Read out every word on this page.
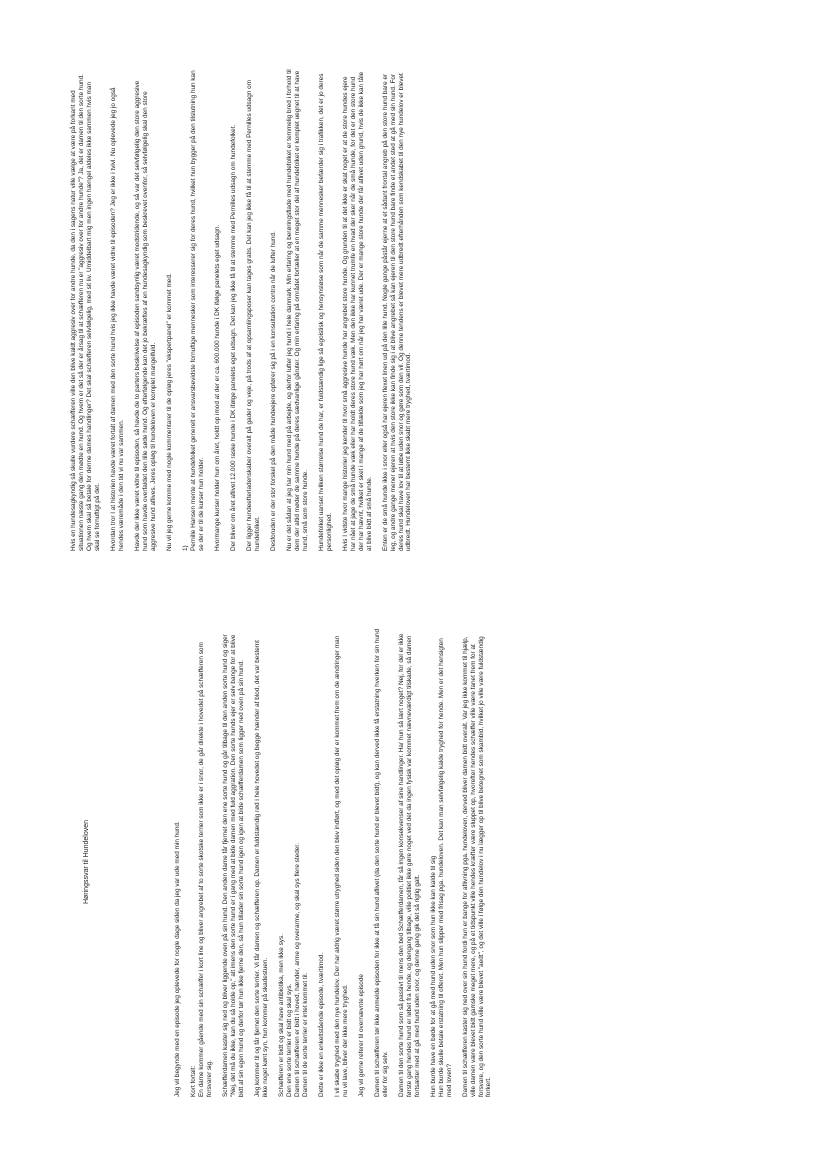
Høringssvar til Hundeloven	Jeg vil begynde med en episode jeg oplevede for nogle dage siden da jeg var ude med min hund. Kort fortalt:
En dame kommer gående med sin schæffer i kort line og bliver angrebet af to sorte skotske terrier som ikke er i snor, de går direkte i hovedet på schæfferen som forsvarer sig. Schæfferdamen kaster sig ned og bliver liggende oven på sin hund. Den anden dame får fjernet den ene sorte hund og går tilbage til den anden sorte hund og siger "Nej, det må du ikke, kan du så holde op," alt imens den sorte hund er i gang med at bide damen med fuld aggration. Den sorte hunds ejer er selv bange for at blive bidt af sin egen hund og derfor tør hun ikke fjerne den, så hun tillader sin sorte hund igen og igen at bide schæfferdamen som ligger ned oven på sin hund. Jeg kommer til og får fjernet den sorte terrier. Vi får damen og schæfferen op. Damen er fuldstændig rød i hele hovedet og begge hænder af blod, det var bestemt ikke noget kønt syn, hun kommer på skadestuen. Schæfferen er bidt og skal have antibiotika, men ikke sys.
Den ene sorte terrier er bidt og skal sys.
Damen til schæfferen er bidt i hoved, hænder, arme og overarme, og skal sys flere steder.
Damen til de sorte terrier er intet kommet til. Dette er ikke en enkeltstående episode, tværtimod. I vil skabe tryghed med den nye hundelov. Der har aldrig været større utryghed siden den blev indført, og med det opløg der er kommet frem om de ændringer man nu vil lave, bliver der ikke mere tryghed. Jeg vil gerne referer til overnævnte episode Damen til schæfferen tør ikke anmelde episoden for ikke at få sin hund aflivet (da den sorte hund er blevet bidt), og kan derved ikke få erstatning hverken for sin hund eller for sig selv. Damen til den sorte hund som så passivt til mens den bed Schæfferdamen, får så ingen konsekvenser af sine handlinger. Har hun så lært noget? Nej, for del er ikke første gang hendes hund er løbet fra hende, og dengang tilbage, ville politiet ikke gøre noget ved det da ingen fysisk var kommet nævneværdigt tilskade, så damen fortsætter med at gå med hund uden snor, og denne gang gik det så rigtig galt. Hun burde have en bøde for at gå med hund uden snor som hun ikke kan kalde til sig
Hun burde skulle betale erstatning til offeret. Men hun slipper med frisag pga. hundeloven. Det kan man selvfølgelig kalde tryghed for hende. Men er det hensigten med loven? Damen til schæfferen kaster sig ned over sin hund fordi hun er bange for aflivning pga. hundeloven, derved bliver damen bidt overalt. Var jeg ikke kommet til hjælp, ville damen være blevet bidt gamske meget mere, og på et tidspunkt ville hendes kræfter være sluppet op, hvorefter hendes schæffer ville være fanet frem for at forsvare, og den sorte hund ville være blevet "aedt", og det ville i følge den hundelov i nu lægger op til blive betegnet som skambid, hvilket jo ville være fuldstændig forkert.

Hvis en hundesagkyndig så skulle vurdere schæfferen ville den blive kaldt aggresiv over for andre hunde, da den i sagens natur ville vælge at være på forkant med situationen næste gang den mødte en hund. Og hvem er det så der er årsag til at schæfferen nu er "aggresiv over for andre hunde"? Ja, det er damen til den sorte hund. Og hvem skal så betale for denne dames handlinger? Det skal schæfferen selvfølgelig, med sit liv. Umiddelbart mig men ingen hængel aldeles ikke sammen hvis man skal se fornuftigt på det. Hvordan tror I at historien havde været fortalt af damen med den sorte hund hvis jeg ikke havde været vidne til episoden? Jeg er ikke i tvivl. Nu oplevede jeg jo også hendes væremåde i den tid vi nu var sammen. Havde der ikke været vidne til episoden, så havde de to parters beskrivelse af episoden sandsynlig været modstridende, og så var det selvfølgelig den store aggresive hund som havde overfaldet den lille søde hund. Og efterfølgende kan det jo bekræftes af en hundesagkyndig som beskrevet ovenfor, så selvfølgelig skal den store aggresive hund aflives. Jeres opløg til hundeloven er komplet mangelfuld. Nu vil jeg gerne komme med nogle kommentarer til de opløg jeres "ekspertpanel" er kommet med. 1)
Pernille Hansen mente at hundefolket generelt er ansvarsbevidste fornuftige mennesker som interesserer sig for deres hund, hvilket hun bygger på den tilslutning hun kan se der er til de kurser hun holder. Hvormange kurser holder hun om året, holdt op imod at der er ca. 600.000 hunde i DK ifølge panelets eget udsagn. Der bliver om året aflivet 12.000 raske hunde i DK ifølge panelets eget udsagn. Det kan jeg ikke få til at stemme med Pernilles udsagn om hundefolket. Der ligger hundeefterladenskaber overalt på gader og veje, på trods af at opsamlingsposer kan tages gratis. Det kan jeg ikke få til at stemme med Pernilles udsagn om hundefolket. Desforuden er der stor forskel på den måde hundeejere opfører sig på i en konsultation contra når de lufter hund. Nu er det sådan at jeg har min hund med på arbejde, og derfor lufter jeg hund i hele danmark. Min erfaring og berøringsflade med hundefolket er temmelig bred i forhold til dem der altid møder de samme hunde på deres sædvanlige gåruter. Og min erfaring på området fortæller at en meget stor del af hundefolket er komplet uegnet til at have hund, små som store hunde. Hundefolket uanset hvilken størrelse hund de har, er fuldstændig lige så egoistisk og hensynsløse som når de samme mennesker befærder sig i trafikken, det er jo deres personlighed. Hvis I vidste hvor mange historier jeg kender til hvor små aggresive hunde har angrebet store hunde. Og grunden til at det ikke er skat noget er at de store hundes ejere har nået at jage de små hunde væk eller har holdt deres store hund væk. Men den ikke har kunnet trumfe en hvad der sker når de små hunde, for det er den store hund der har hævnt, hvilket er sket i mange af de tilfælde som jeg har hørt om når jeg har været ude. Der er mange store hunde der får aflivet uden grund, hvis de ikke kan tåle at blive bidt af små hunde. Enten er de små hunde ikke i snor eller også har ejeren flexet linen ud på den lille hund. Nogle gange påstår ejerne at et sådant frontal angreb på den store hund bare er leg, og andre gange mener ejeren at hvis den store ikke kan finde sig i at blive angrebet så kan ejeren til den store hund bare finde et andet sted at gå med sin hund. For deres hund skal have lov til at løbe uden snor og gøre som den vil. Og denne tendens er blevet mere udbredt efterhånden som kendskabet til den nye hundelov er blevet udbredt. Hundeloven har bestemt ikke skabt mere tryghed, tværtimod.
